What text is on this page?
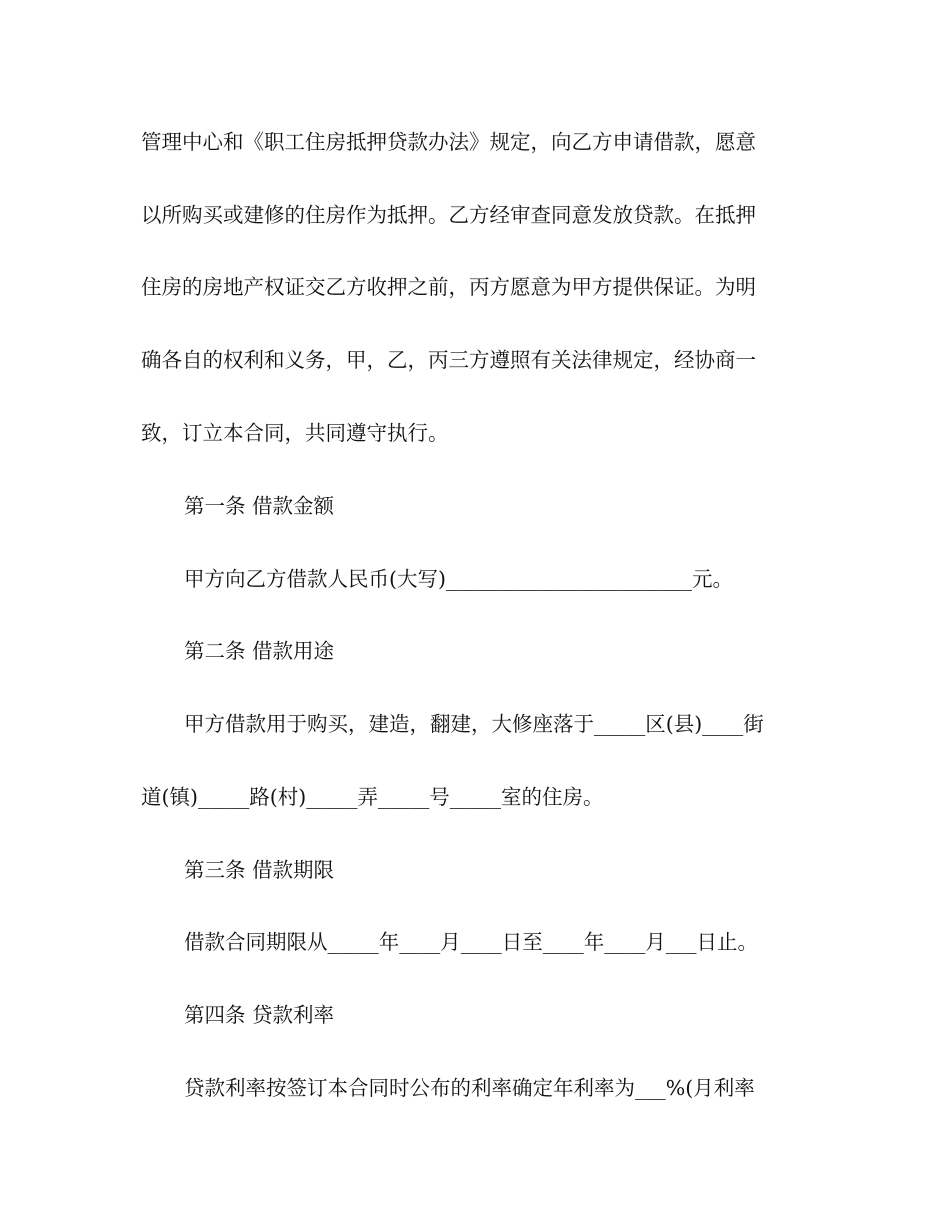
管理中心和《职工住房抵押贷款办法》规定，向乙方申请借款，愿意
以所购买或建修的住房作为抵押。乙方经审查同意发放贷款。在抵押
住房的房地产权证交乙方收押之前，丙方愿意为甲方提供保证。为明
确各自的权利和义务，甲，乙，丙三方遵照有关法律规定，经协商一
致，订立本合同，共同遵守执行。
第一条 借款金额
甲方向乙方借款人民币(大写)________________________元。
第二条 借款用途
甲方借款用于购买，建造，翻建，大修座落于_____区(县)____街
道(镇)_____路(村)_____弄_____号_____室的住房。
第三条 借款期限
借款合同期限从_____年____月____日至____年____月___日止。
第四条 贷款利率
贷款利率按签订本合同时公布的利率确定年利率为___%(月利率
